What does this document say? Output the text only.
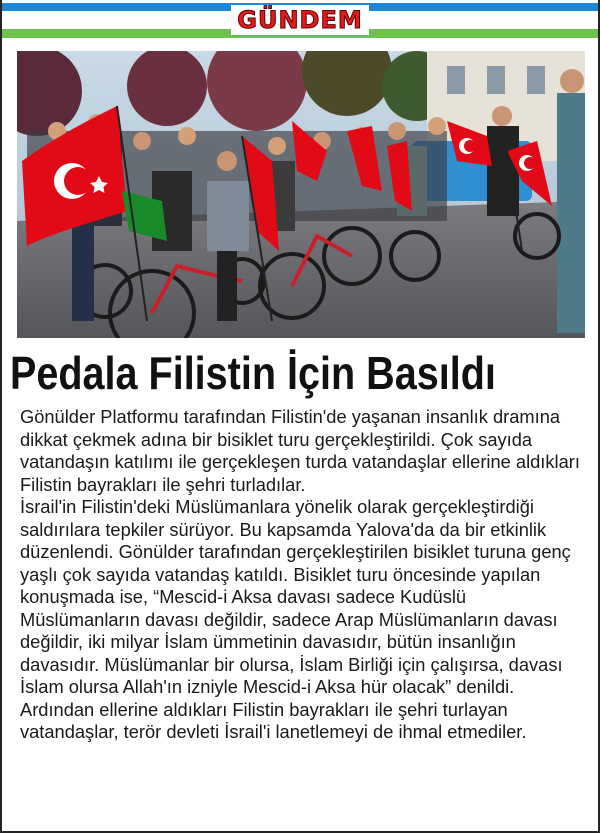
GÜNDEM
Pedala Filistin İçin Basıldı

Gönülder Platformu tarafından Filistin'de yaşanan insanlık dramına dikkat çekmek adına bir bisiklet turu gerçekleştirildi. Çok sayıda vatandaşın katılımı ile gerçekleşen turda vatandaşlar ellerine aldıkları Filistin bayrakları ile şehri turladılar.

İsrail'in Filistin'deki Müslümanlara yönelik olarak gerçekleştirdiği saldırılara tepkiler sürüyor. Bu kapsamda Yalova'da da bir etkinlik düzenlendi. Gönülder tarafından gerçekleştirilen bisiklet turuna genç yaşlı çok sayıda vatandaş katıldı. Bisiklet turu öncesinde yapılan konuşmada ise, “Mescid-i Aksa davası sadece Kudüslü Müslümanların davası değildir, sadece Arap Müslümanların davası değildir, iki milyar İslam ümmetinin davasıdır, bütün insanlığın davasıdır. Müslümanlar bir olursa, İslam Birliği için çalışırsa, davası İslam olursa Allah'ın izniyle Mescid-i Aksa hür olacak” denildi. Ardından ellerine aldıkları Filistin bayrakları ile şehri turlayan vatandaşlar, terör devleti İsrail'i lanetlemeyi de ihmal etmediler.
